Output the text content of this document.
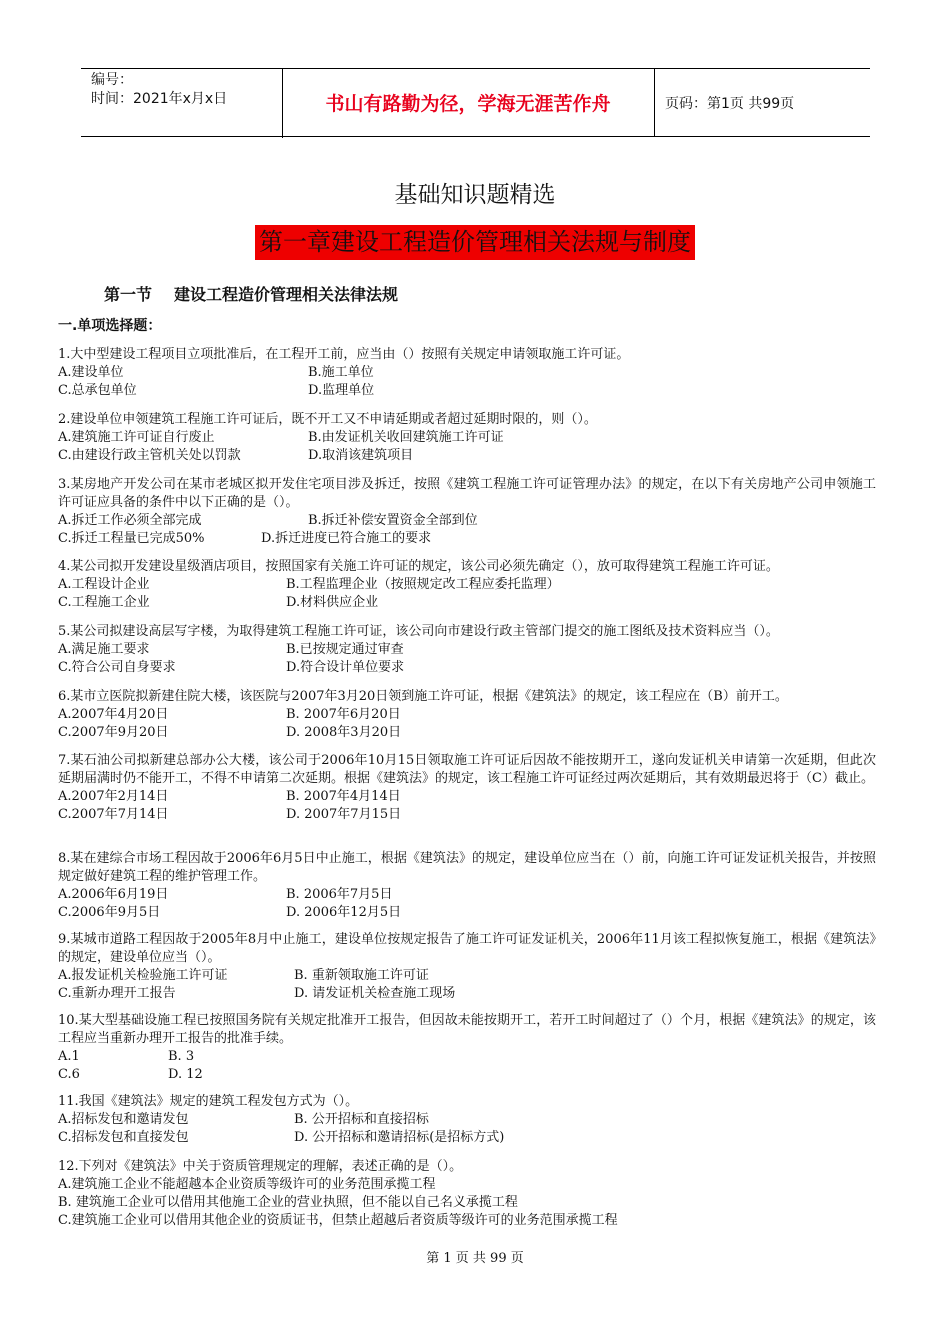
编号：
时间：2021年x月x日	书山有路勤为径，学海无涯苦作舟	页码：第1页 共99页
基础知识题精选
第一章建设工程造价管理相关法规与制度
第一节 建设工程造价管理相关法律法规
一.单项选择题：
1.大中型建设工程项目立项批准后，在工程开工前，应当由（）按照有关规定申请领取施工许可证。
A.建设单位	B.施工单位
C.总承包单位	D.监理单位
2.建设单位申领建筑工程施工许可证后，既不开工又不申请延期或者超过延期时限的，则（）。
A.建筑施工许可证自行废止	B.由发证机关收回建筑施工许可证
C.由建设行政主管机关处以罚款	D.取消该建筑项目
3.某房地产开发公司在某市老城区拟开发住宅项目涉及拆迁，按照《建筑工程施工许可证管理办法》的规定，在以下有关房地产公司申领施工许可证应具备的条件中以下正确的是（）。
A.拆迁工作必须全部完成	B.拆迁补偿安置资金全部到位
C.拆迁工程量已完成50%	D.拆迁进度已符合施工的要求
4.某公司拟开发建设星级酒店项目，按照国家有关施工许可证的规定，该公司必须先确定（），放可取得建筑工程施工许可证。
A.工程设计企业	B.工程监理企业（按照规定改工程应委托监理）
C.工程施工企业	D.材料供应企业
5.某公司拟建设高层写字楼，为取得建筑工程施工许可证，该公司向市建设行政主管部门提交的施工图纸及技术资料应当（）。
A.满足施工要求	B.已按规定通过审查
C.符合公司自身要求	D.符合设计单位要求
6.某市立医院拟新建住院大楼，该医院与2007年3月20日领到施工许可证，根据《建筑法》的规定，该工程应在（B）前开工。
A.2007年4月20日	B. 2007年6月20日
C.2007年9月20日	D. 2008年3月20日
7.某石油公司拟新建总部办公大楼，该公司于2006年10月15日领取施工许可证后因故不能按期开工，遂向发证机关申请第一次延期，但此次延期届满时仍不能开工，不得不申请第二次延期。根据《建筑法》的规定，该工程施工许可证经过两次延期后，其有效期最迟将于（C）截止。
A.2007年2月14日	B. 2007年4月14日
C.2007年7月14日	D. 2007年7月15日
8.某在建综合市场工程因故于2006年6月5日中止施工，根据《建筑法》的规定，建设单位应当在（）前，向施工许可证发证机关报告，并按照规定做好建筑工程的维护管理工作。
A.2006年6月19日	B. 2006年7月5日
C.2006年9月5日	D. 2006年12月5日
9.某城市道路工程因故于2005年8月中止施工，建设单位按规定报告了施工许可证发证机关，2006年11月该工程拟恢复施工，根据《建筑法》的规定，建设单位应当（）。
A.报发证机关检验施工许可证	B. 重新领取施工许可证
C.重新办理开工报告	D. 请发证机关检查施工现场
10.某大型基础设施工程已按照国务院有关规定批准开工报告，但因故未能按期开工，若开工时间超过了（）个月，根据《建筑法》的规定，该工程应当重新办理开工报告的批准手续。
A.1	B. 3
C.6	D. 12
11.我国《建筑法》规定的建筑工程发包方式为（）。
A.招标发包和邀请发包	B. 公开招标和直接招标
C.招标发包和直接发包	D. 公开招标和邀请招标(是招标方式)
12.下列对《建筑法》中关于资质管理规定的理解，表述正确的是（）。
A.建筑施工企业不能超越本企业资质等级许可的业务范围承揽工程
B. 建筑施工企业可以借用其他施工企业的营业执照，但不能以自己名义承揽工程
C.建筑施工企业可以借用其他企业的资质证书，但禁止超越后者资质等级许可的业务范围承揽工程
第 1 页 共 99 页
